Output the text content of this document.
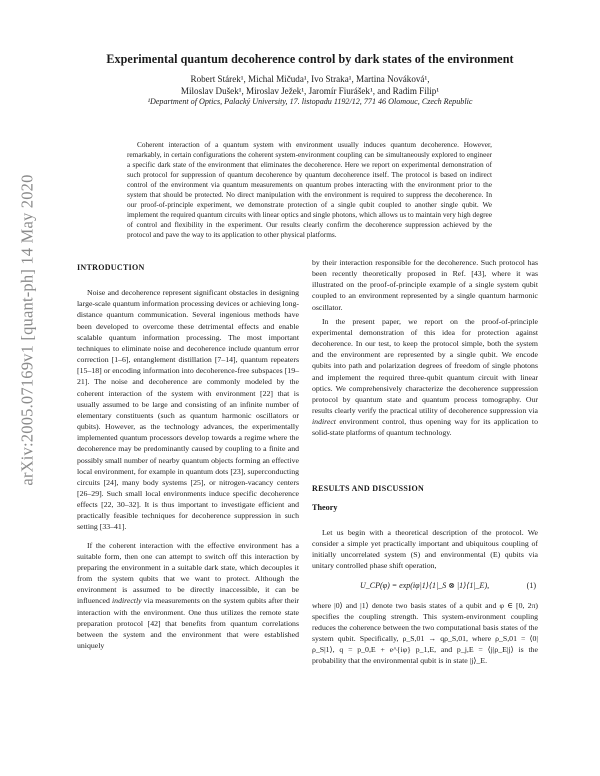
arXiv:2005.07169v1 [quant-ph] 14 May 2020
Experimental quantum decoherence control by dark states of the environment
Robert Stárek¹, Michal Mičuda¹, Ivo Straka¹, Martina Nováková¹,
Miloslav Dušek¹, Miroslav Ježek¹, Jaromír Fiurášek¹, and Radim Filip¹
¹Department of Optics, Palacký University, 17. listopadu 1192/12, 771 46 Olomouc, Czech Republic

Coherent interaction of a quantum system with environment usually induces quantum decoherence. However, remarkably, in certain configurations the coherent system-environment coupling can be simultaneously explored to engineer a specific dark state of the environment that eliminates the decoherence. Here we report on experimental demonstration of such protocol for suppression of quantum decoherence by quantum decoherence itself. The protocol is based on indirect control of the environment via quantum measurements on quantum probes interacting with the environment prior to the system that should be protected. No direct manipulation with the environment is required to suppress the decoherence. In our proof-of-principle experiment, we demonstrate protection of a single qubit coupled to another single qubit. We implement the required quantum circuits with linear optics and single photons, which allows us to maintain very high degree of control and flexibility in the experiment. Our results clearly confirm the decoherence suppression achieved by the protocol and pave the way to its application to other physical platforms.

INTRODUCTION

Noise and decoherence represent significant obstacles in designing large-scale quantum information processing devices or achieving long-distance quantum communication. Several ingenious methods have been developed to overcome these detrimental effects and enable scalable quantum information processing. The most important techniques to eliminate noise and decoherence include quantum error correction [1–6], entanglement distillation [7–14], quantum repeaters [15–18] or encoding information into decoherence-free subspaces [19–21]. The noise and decoherence are commonly modeled by the coherent interaction of the system with environment [22] that is usually assumed to be large and consisting of an infinite number of elementary constituents (such as quantum harmonic oscillators or qubits). However, as the technology advances, the experimentally implemented quantum processors develop towards a regime where the decoherence may be predominantly caused by coupling to a finite and possibly small number of nearby quantum objects forming an effective local environment, for example in quantum dots [23], superconducting circuits [24], many body systems [25], or nitrogen-vacancy centers [26–29]. Such small local environments induce specific decoherence effects [22, 30–32]. It is thus important to investigate efficient and practically feasible techniques for decoherence suppression in such setting [33–41].

If the coherent interaction with the effective environment has a suitable form, then one can attempt to switch off this interaction by preparing the environment in a suitable dark state, which decouples it from the system qubits that we want to protect. Although the environment is assumed to be directly inaccessible, it can be influenced indirectly via measurements on the system qubits after their interaction with the environment. One thus utilizes the remote state preparation protocol [42] that benefits from quantum correlations between the system and the environment that were established uniquely

by their interaction responsible for the decoherence. Such protocol has been recently theoretically proposed in Ref. [43], where it was illustrated on the proof-of-principle example of a single system qubit coupled to an environment represented by a single quantum harmonic oscillator.

In the present paper, we report on the proof-of-principle experimental demonstration of this idea for protection against decoherence. In our test, to keep the protocol simple, both the system and the environment are represented by a single qubit. We encode qubits into path and polarization degrees of freedom of single photons and implement the required three-qubit quantum circuit with linear optics. We comprehensively characterize the decoherence suppression protocol by quantum state and quantum process tomography. Our results clearly verify the practical utility of decoherence suppression via indirect environment control, thus opening way for its application to solid-state platforms of quantum technology.

RESULTS AND DISCUSSION

Theory

Let us begin with a theoretical description of the protocol. We consider a simple yet practically important and ubiquitous coupling of initially uncorrelated system (S) and environmental (E) qubits via unitary controlled phase shift operation,

U_CP(φ) = exp(iφ|1⟩⟨1|_S ⊗ |1⟩⟨1|_E),	(1)

where |0⟩ and |1⟩ denote two basis states of a qubit and φ ∈ [0, 2π) specifies the coupling strength. This system-environment coupling reduces the coherence between the two computational basis states of the system qubit. Specifically, ρ_S,01 → qρ_S,01, where ρ_S,01 = ⟨0|ρ_S|1⟩, q = p_0,E + e^{iφ} p_1,E, and p_j,E = ⟨j|ρ_E|j⟩ is the probability that the environmental qubit is in state |j⟩_E.
